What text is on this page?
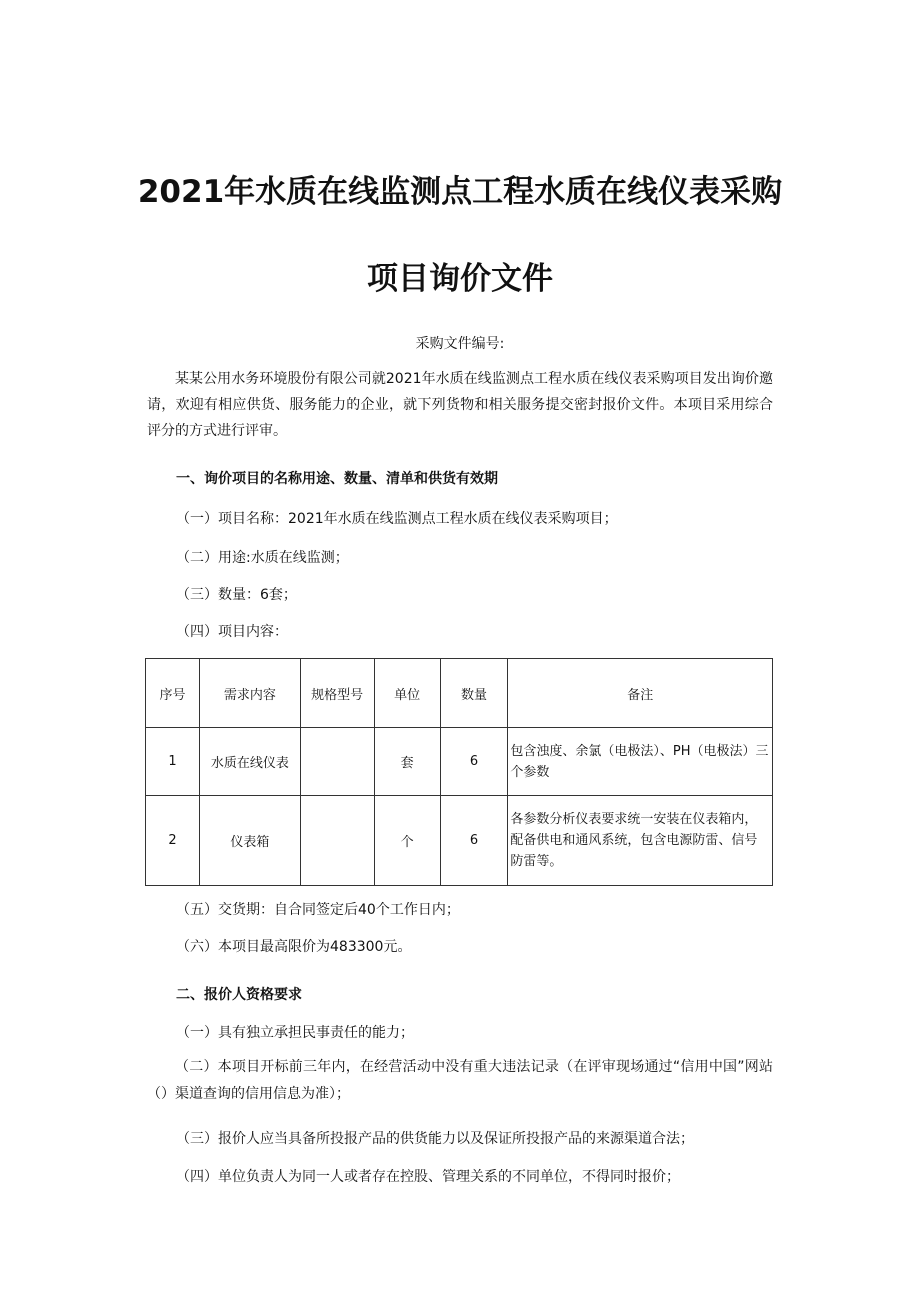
2021年水质在线监测点工程水质在线仪表采购
项目询价文件
采购文件编号:
某某公用水务环境股份有限公司就2021年水质在线监测点工程水质在线仪表采购项目发出询价邀请，欢迎有相应供货、服务能力的企业，就下列货物和相关服务提交密封报价文件。本项目采用综合评分的方式进行评审。
一、询价项目的名称用途、数量、清单和供货有效期
（一）项目名称：2021年水质在线监测点工程水质在线仪表采购项目；
（二）用途:水质在线监测；
（三）数量：6套；
（四）项目内容：
序号	需求内容	规格型号	单位	数量	备注
1	水质在线仪表		套	6	包含浊度、余氯（电极法）、PH（电极法）三个参数
2	仪表箱		个	6	各参数分析仪表要求统一安装在仪表箱内，配备供电和通风系统，包含电源防雷、信号防雷等。
（五）交货期：自合同签定后40个工作日内；
（六）本项目最高限价为483300元。
二、报价人资格要求
（一）具有独立承担民事责任的能力；
（二）本项目开标前三年内，在经营活动中没有重大违法记录（在评审现场通过“信用中国”网站（）渠道查询的信用信息为准）；
（三）报价人应当具备所投报产品的供货能力以及保证所投报产品的来源渠道合法；
（四）单位负责人为同一人或者存在控股、管理关系的不同单位，不得同时报价；
